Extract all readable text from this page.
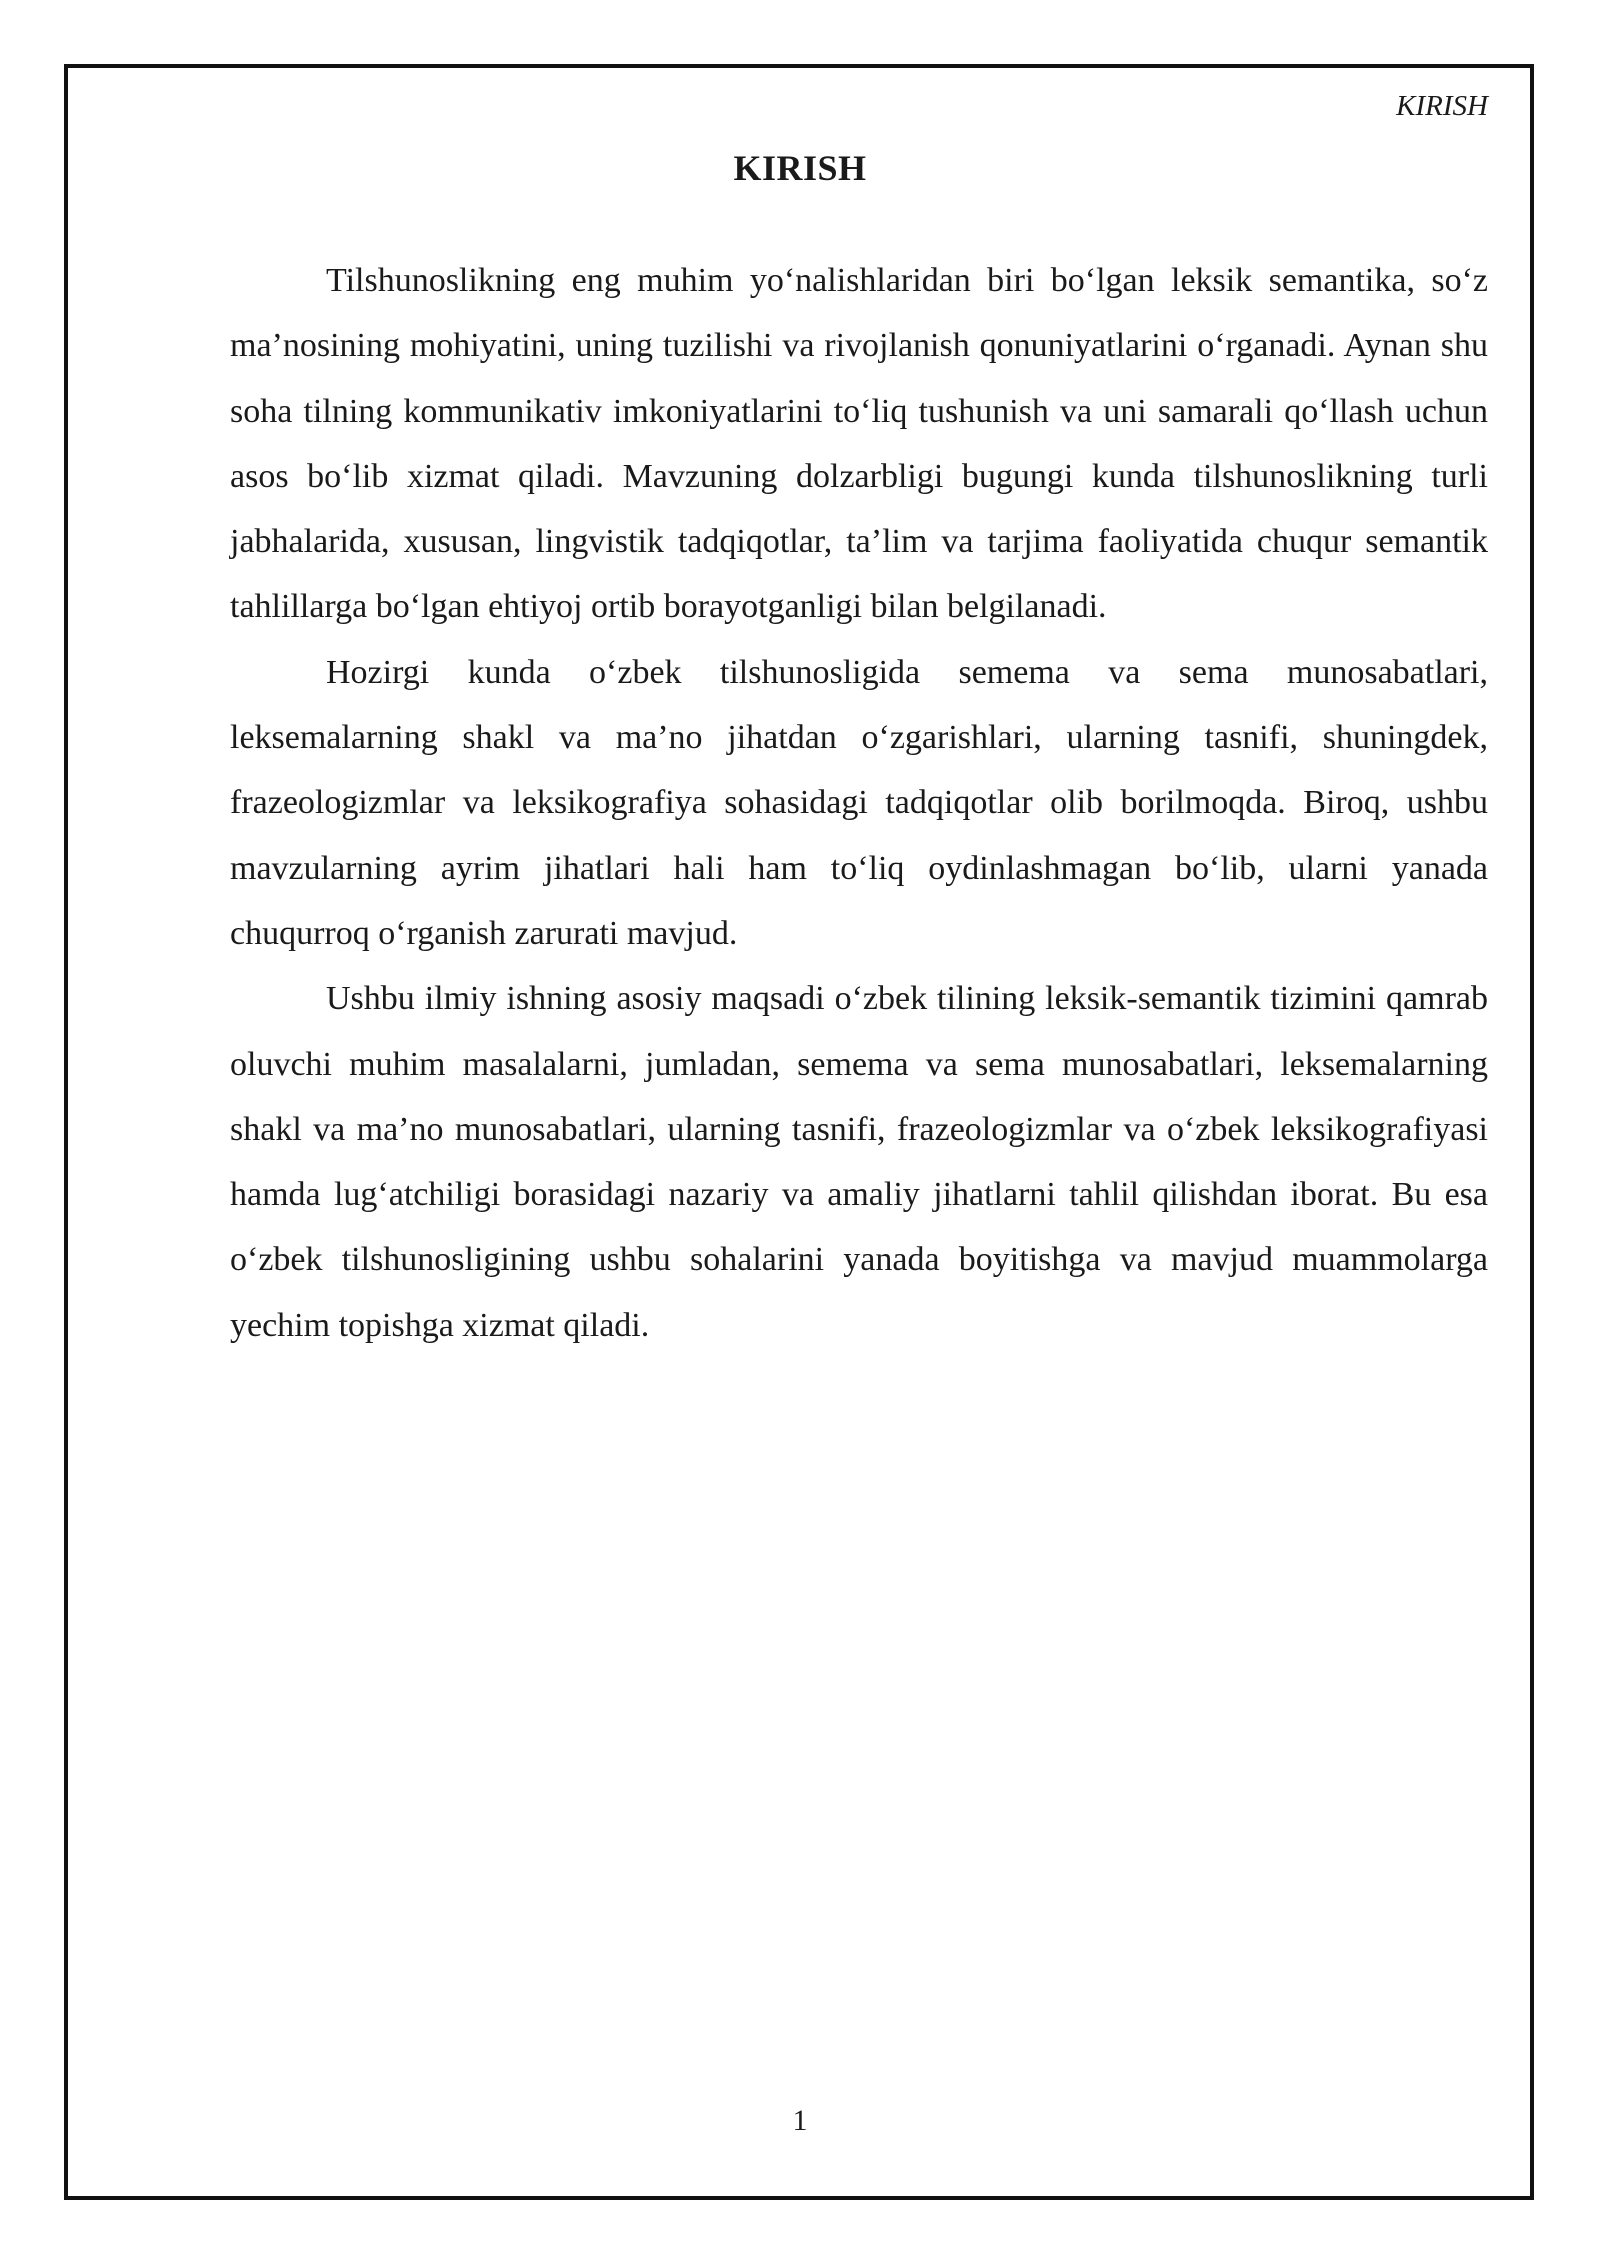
KIRISH
KIRISH

Tilshunoslikning eng muhim yo‘nalishlaridan biri bo‘lgan leksik semantika, so‘z ma’nosining mohiyatini, uning tuzilishi va rivojlanish qonuniyatlarini o‘rganadi. Aynan shu soha tilning kommunikativ imkoniyatlarini to‘liq tushunish va uni samarali qo‘llash uchun asos bo‘lib xizmat qiladi. Mavzuning dolzarbligi bugungi kunda tilshunoslikning turli jabhalarida, xususan, lingvistik tadqiqotlar, ta’lim va tarjima faoliyatida chuqur semantik tahlillarga bo‘lgan ehtiyoj ortib borayotganligi bilan belgilanadi.

Hozirgi kunda o‘zbek tilshunosligida semema va sema munosabatlari, leksemalarning shakl va ma’no jihatdan o‘zgarishlari, ularning tasnifi, shuningdek, frazeologizmlar va leksikografiya sohasidagi tadqiqotlar olib borilmoqda. Biroq, ushbu mavzularning ayrim jihatlari hali ham to‘liq oydinlashmagan bo‘lib, ularni yanada chuqurroq o‘rganish zarurati mavjud.

Ushbu ilmiy ishning asosiy maqsadi o‘zbek tilining leksik-semantik tizimini qamrab oluvchi muhim masalalarni, jumladan, semema va sema munosabatlari, leksemalarning shakl va ma’no munosabatlari, ularning tasnifi, frazeologizmlar va o‘zbek leksikografiyasi hamda lug‘atchiligi borasidagi nazariy va amaliy jihatlarni tahlil qilishdan iborat. Bu esa o‘zbek tilshunosligining ushbu sohalarini yanada boyitishga va mavjud muammolarga yechim topishga xizmat qiladi.

1
